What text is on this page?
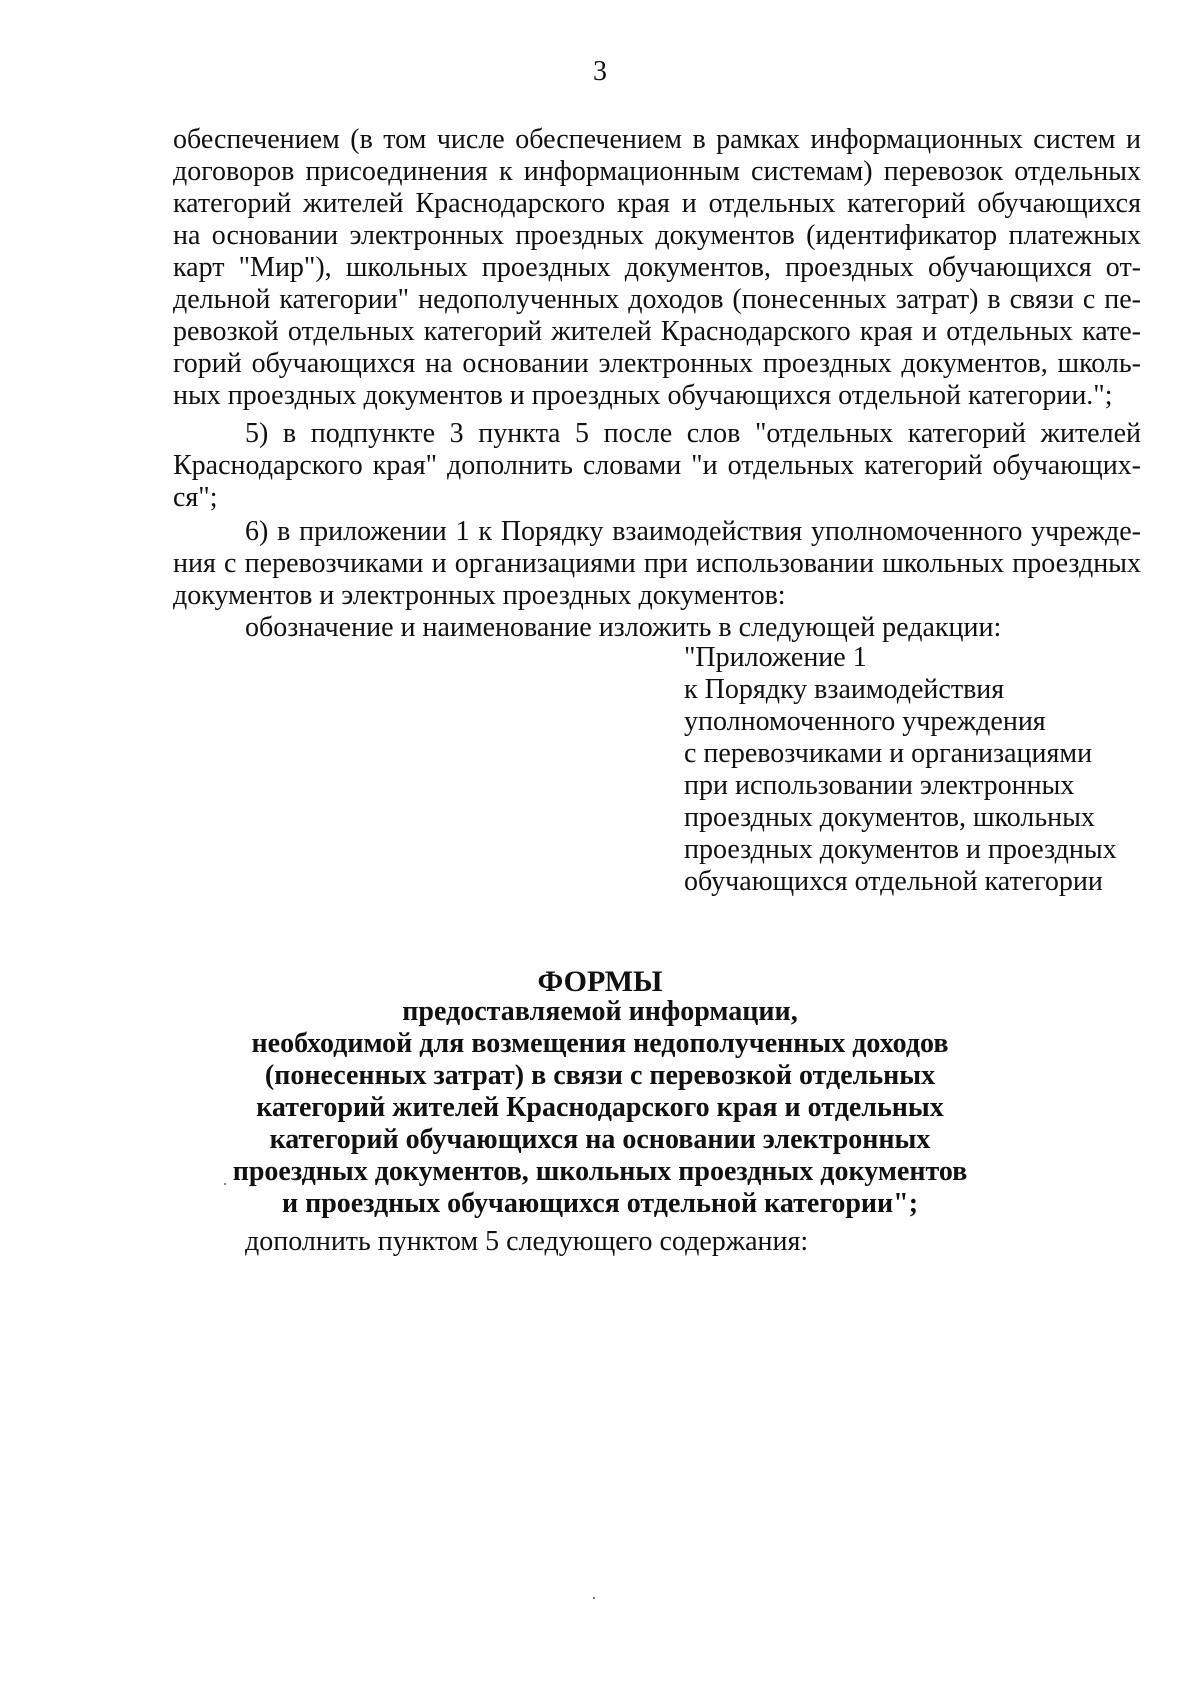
3
обеспечением (в том числе обеспечением в рамках информационных систем и
договоров присоединения к информационным системам) перевозок отдельных
категорий жителей Краснодарского края и отдельных категорий обучающихся
на основании электронных проездных документов (идентификатор платежных
карт "Мир"), школьных проездных документов, проездных обучающихся от-
дельной категории" недополученных доходов (понесенных затрат) в связи с пе-
ревозкой отдельных категорий жителей Краснодарского края и отдельных кате-
горий обучающихся на основании электронных проездных документов, школь-
ных проездных документов и проездных обучающихся отдельной категории.";
5) в подпункте 3 пункта 5 после слов "отдельных категорий жителей
Краснодарского края" дополнить словами "и отдельных категорий обучающих-
ся";
6) в приложении 1 к Порядку взаимодействия уполномоченного учрежде-
ния с перевозчиками и организациями при использовании школьных проездных
документов и электронных проездных документов:
обозначение и наименование изложить в следующей редакции:
"Приложение 1
к Порядку взаимодействия
уполномоченного учреждения
с перевозчиками и организациями
при использовании электронных
проездных документов, школьных
проездных документов и проездных
обучающихся отдельной категории
ФОРМЫ
предоставляемой информации,
необходимой для возмещения недополученных доходов
(понесенных затрат) в связи с перевозкой отдельных
категорий жителей Краснодарского края и отдельных
категорий обучающихся на основании электронных
проездных документов, школьных проездных документов
и проездных обучающихся отдельной категории";
дополнить пунктом 5 следующего содержания:
